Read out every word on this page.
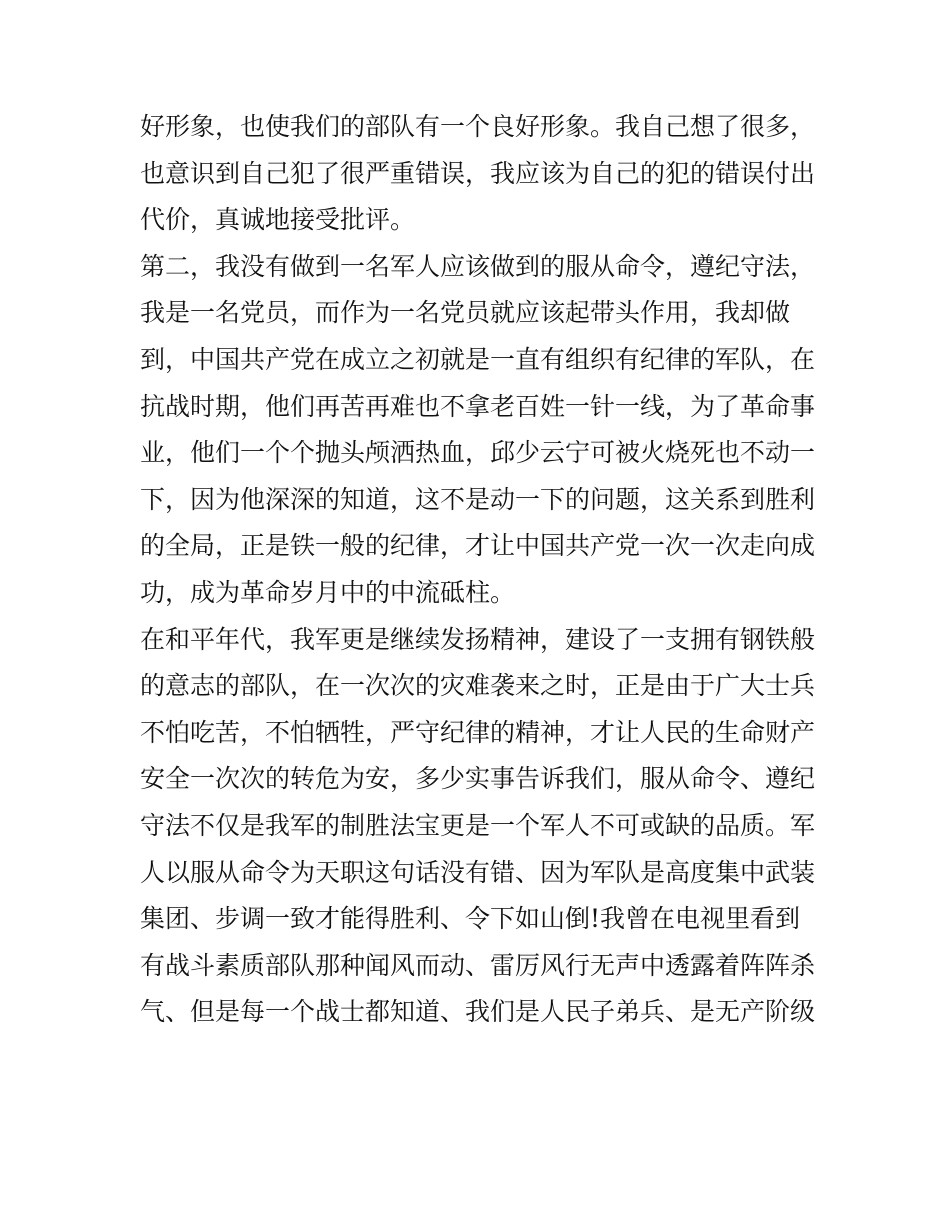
好形象，也使我们的部队有一个良好形象。我自己想了很多，
也意识到自己犯了很严重错误，我应该为自己的犯的错误付出
代价，真诚地接受批评。
第二，我没有做到一名军人应该做到的服从命令，遵纪守法，
我是一名党员，而作为一名党员就应该起带头作用，我却做
到，中国共产党在成立之初就是一直有组织有纪律的军队，在
抗战时期，他们再苦再难也不拿老百姓一针一线，为了革命事
业，他们一个个抛头颅洒热血，邱少云宁可被火烧死也不动一
下，因为他深深的知道，这不是动一下的问题，这关系到胜利
的全局，正是铁一般的纪律，才让中国共产党一次一次走向成
功，成为革命岁月中的中流砥柱。
在和平年代，我军更是继续发扬精神，建设了一支拥有钢铁般
的意志的部队，在一次次的灾难袭来之时，正是由于广大士兵
不怕吃苦，不怕牺牲，严守纪律的精神，才让人民的生命财产
安全一次次的转危为安，多少实事告诉我们，服从命令、遵纪
守法不仅是我军的制胜法宝更是一个军人不可或缺的品质。军
人以服从命令为天职这句话没有错、因为军队是高度集中武装
集团、步调一致才能得胜利、令下如山倒!我曾在电视里看到
有战斗素质部队那种闻风而动、雷厉风行无声中透露着阵阵杀
气、但是每一个战士都知道、我们是人民子弟兵、是无产阶级
